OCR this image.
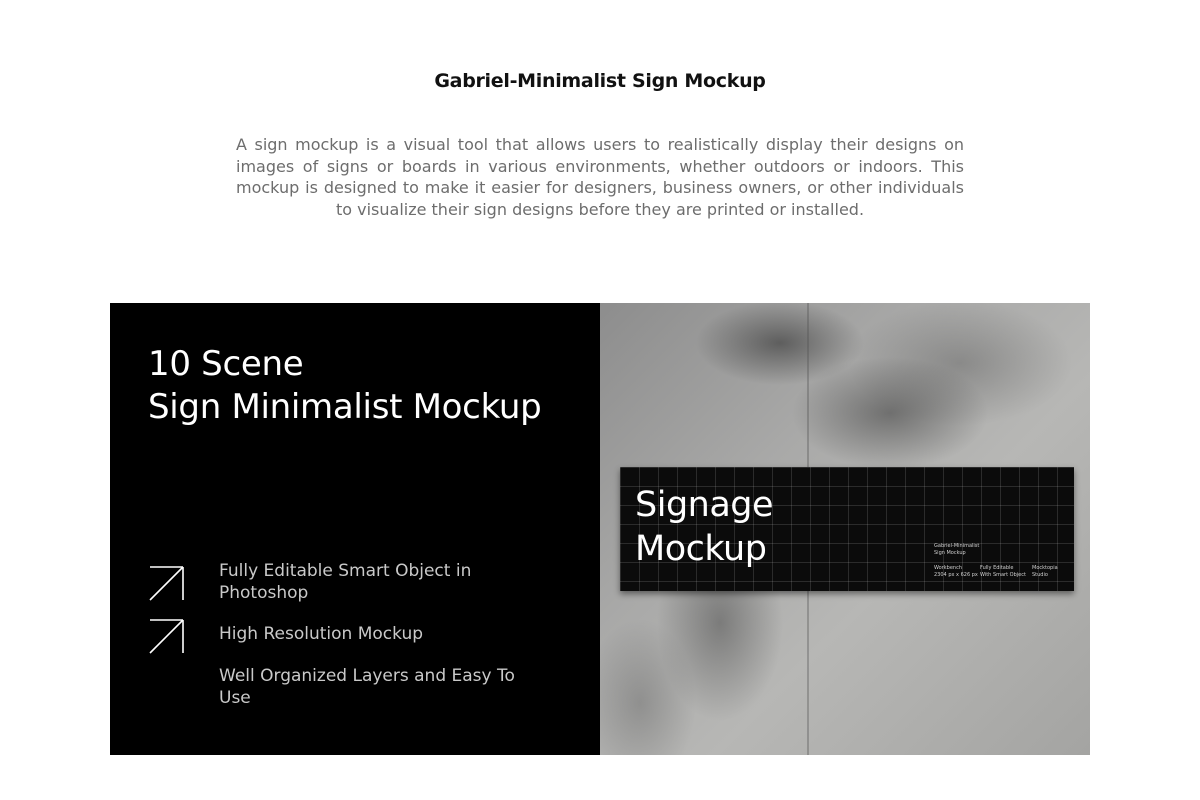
Gabriel-Minimalist Sign Mockup
A sign mockup is a visual tool that allows users to realistically display their designs on images of signs or boards in various environments, whether outdoors or indoors. This mockup is designed to make it easier for designers, business owners, or other individuals to visualize their sign designs before they are printed or installed.
10 Scene
Sign Minimalist Mockup
Fully Editable Smart Object in Photoshop
High Resolution Mockup
Well Organized Layers and Easy To Use
Signage
Mockup	Gabriel-Minimalist
Sign Mockup
Workbench
2304 px x 626 px
Fully Editable
With Smart Object
Mocktopia
Studio
